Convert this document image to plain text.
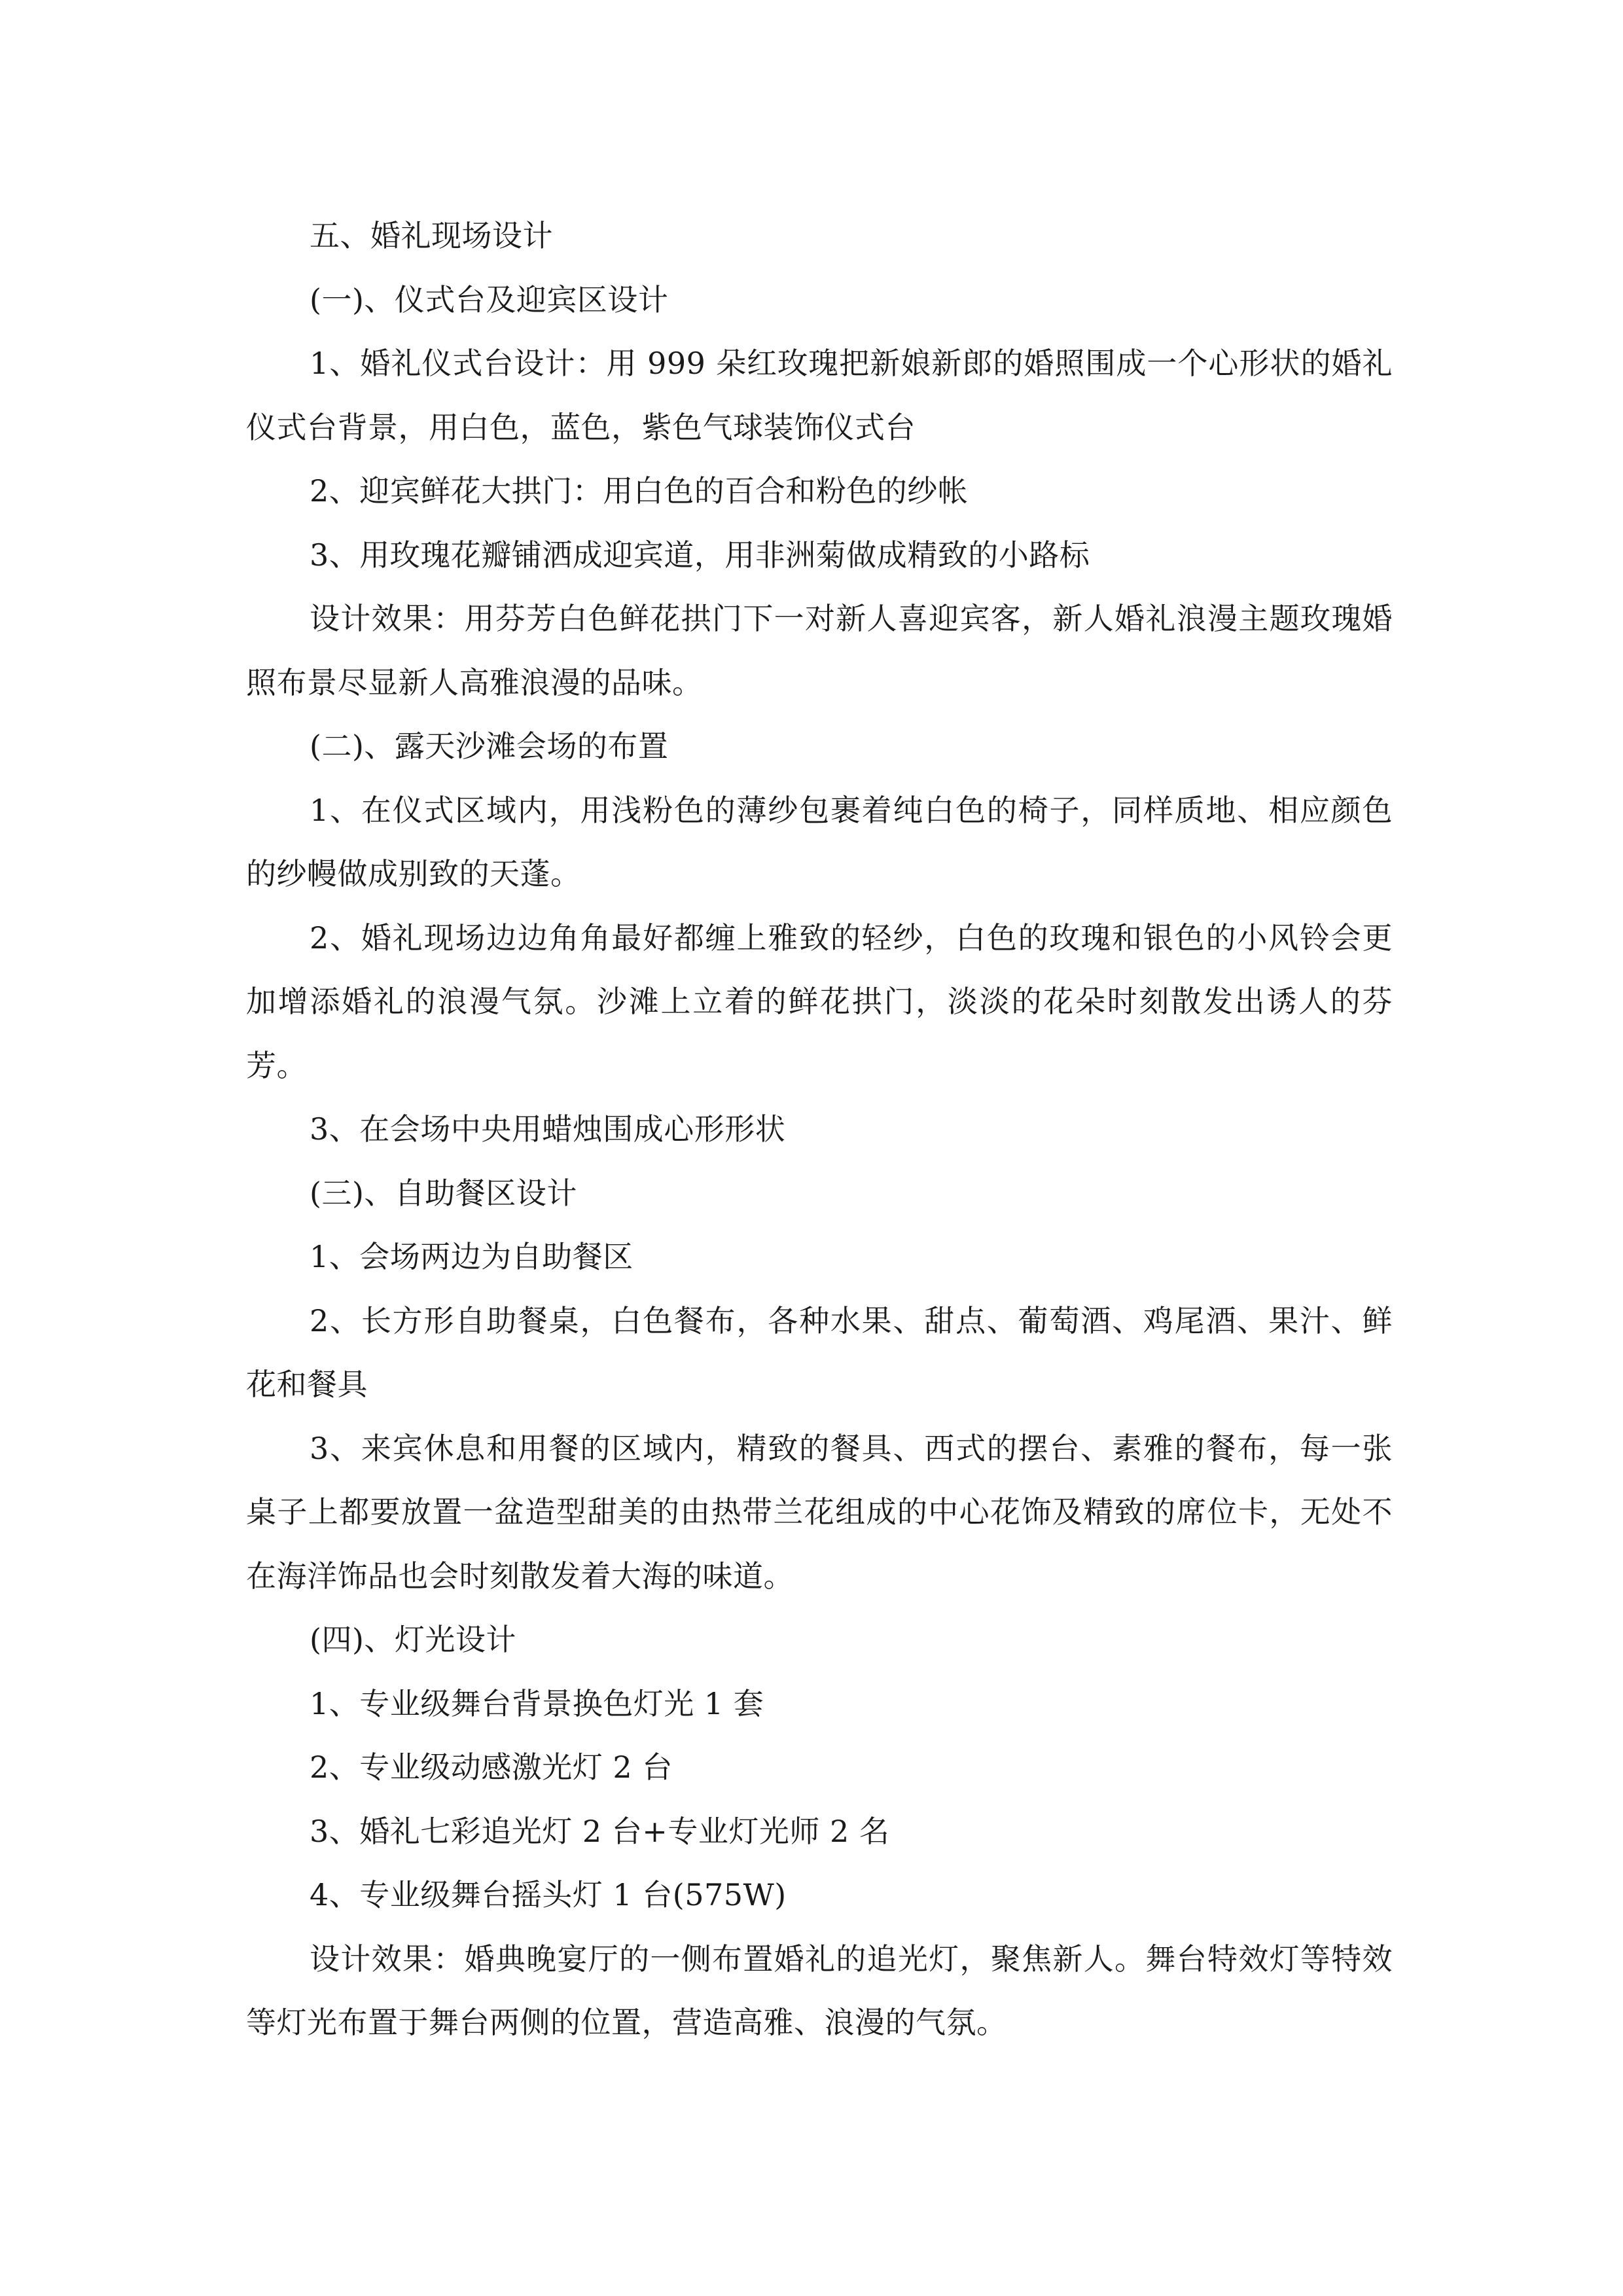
五、婚礼现场设计

(一)、仪式台及迎宾区设计

1、婚礼仪式台设计：用 999 朵红玫瑰把新娘新郎的婚照围成一个心形状的婚礼仪式台背景，用白色，蓝色，紫色气球装饰仪式台

2、迎宾鲜花大拱门：用白色的百合和粉色的纱帐

3、用玫瑰花瓣铺洒成迎宾道，用非洲菊做成精致的小路标

设计效果：用芬芳白色鲜花拱门下一对新人喜迎宾客，新人婚礼浪漫主题玫瑰婚照布景尽显新人高雅浪漫的品味。

(二)、露天沙滩会场的布置

1、在仪式区域内，用浅粉色的薄纱包裹着纯白色的椅子，同样质地、相应颜色的纱幔做成别致的天蓬。

2、婚礼现场边边角角最好都缠上雅致的轻纱，白色的玫瑰和银色的小风铃会更加增添婚礼的浪漫气氛。沙滩上立着的鲜花拱门，淡淡的花朵时刻散发出诱人的芬芳。

3、在会场中央用蜡烛围成心形形状

(三)、自助餐区设计

1、会场两边为自助餐区

2、长方形自助餐桌，白色餐布，各种水果、甜点、葡萄酒、鸡尾酒、果汁、鲜花和餐具

3、来宾休息和用餐的区域内，精致的餐具、西式的摆台、素雅的餐布，每一张桌子上都要放置一盆造型甜美的由热带兰花组成的中心花饰及精致的席位卡，无处不在海洋饰品也会时刻散发着大海的味道。

(四)、灯光设计

1、专业级舞台背景换色灯光 1 套

2、专业级动感激光灯 2 台

3、婚礼七彩追光灯 2 台+专业灯光师 2 名

4、专业级舞台摇头灯 1 台(575W)

设计效果：婚典晚宴厅的一侧布置婚礼的追光灯，聚焦新人。舞台特效灯等特效等灯光布置于舞台两侧的位置，营造高雅、浪漫的气氛。
